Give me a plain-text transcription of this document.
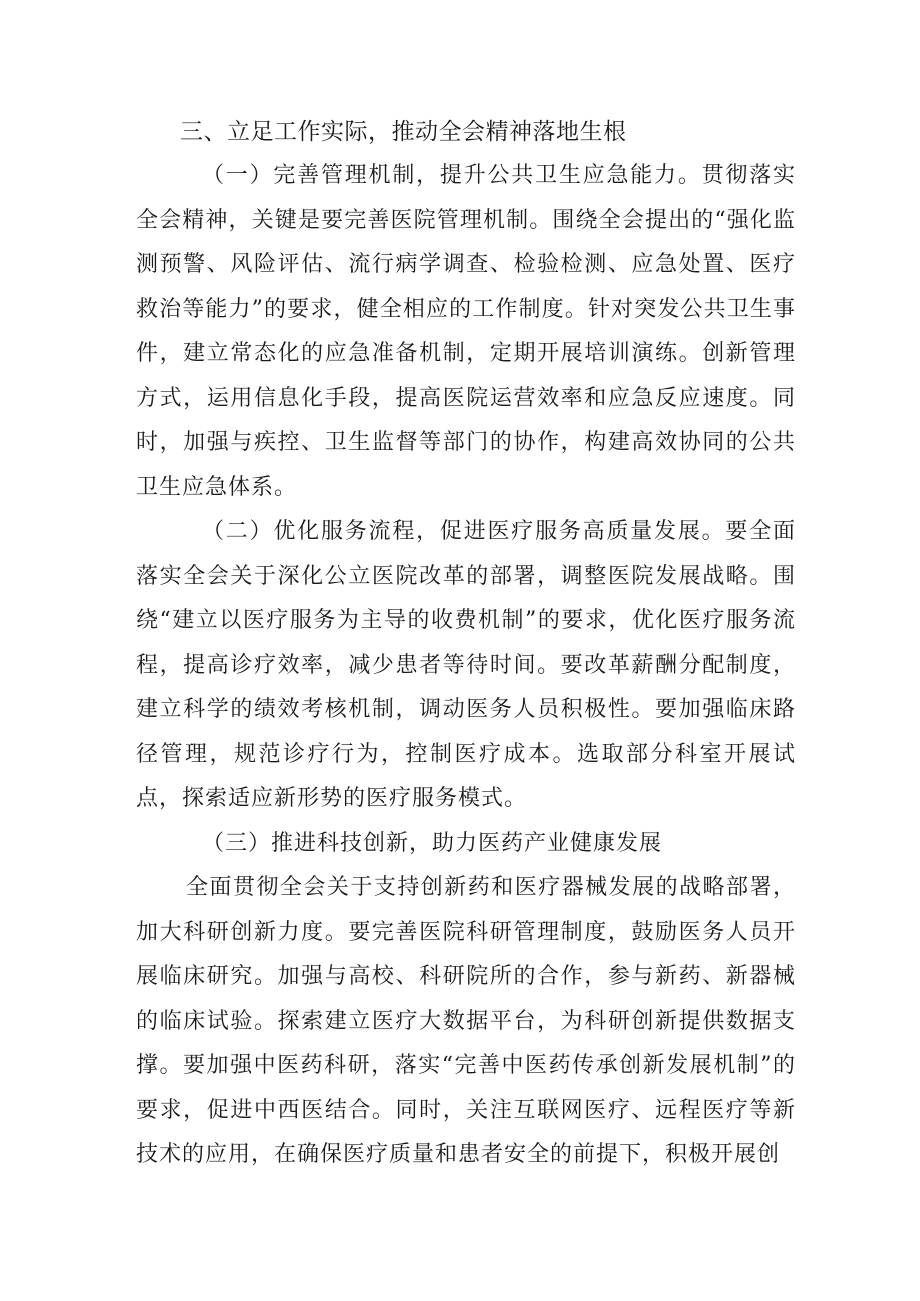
三、立足工作实际，推动全会精神落地生根

（一）完善管理机制，提升公共卫生应急能力。贯彻落实全会精神，关键是要完善医院管理机制。围绕全会提出的“强化监测预警、风险评估、流行病学调查、检验检测、应急处置、医疗救治等能力”的要求，健全相应的工作制度。针对突发公共卫生事件，建立常态化的应急准备机制，定期开展培训演练。创新管理方式，运用信息化手段，提高医院运营效率和应急反应速度。同时，加强与疾控、卫生监督等部门的协作，构建高效协同的公共卫生应急体系。

（二）优化服务流程，促进医疗服务高质量发展。要全面落实全会关于深化公立医院改革的部署，调整医院发展战略。围绕“建立以医疗服务为主导的收费机制”的要求，优化医疗服务流程，提高诊疗效率，减少患者等待时间。要改革薪酬分配制度，建立科学的绩效考核机制，调动医务人员积极性。要加强临床路径管理，规范诊疗行为，控制医疗成本。选取部分科室开展试点，探索适应新形势的医疗服务模式。

（三）推进科技创新，助力医药产业健康发展

全面贯彻全会关于支持创新药和医疗器械发展的战略部署，加大科研创新力度。要完善医院科研管理制度，鼓励医务人员开展临床研究。加强与高校、科研院所的合作，参与新药、新器械的临床试验。探索建立医疗大数据平台，为科研创新提供数据支撑。要加强中医药科研，落实“完善中医药传承创新发展机制”的要求，促进中西医结合。同时，关注互联网医疗、远程医疗等新技术的应用，在确保医疗质量和患者安全的前提下，积极开展创
